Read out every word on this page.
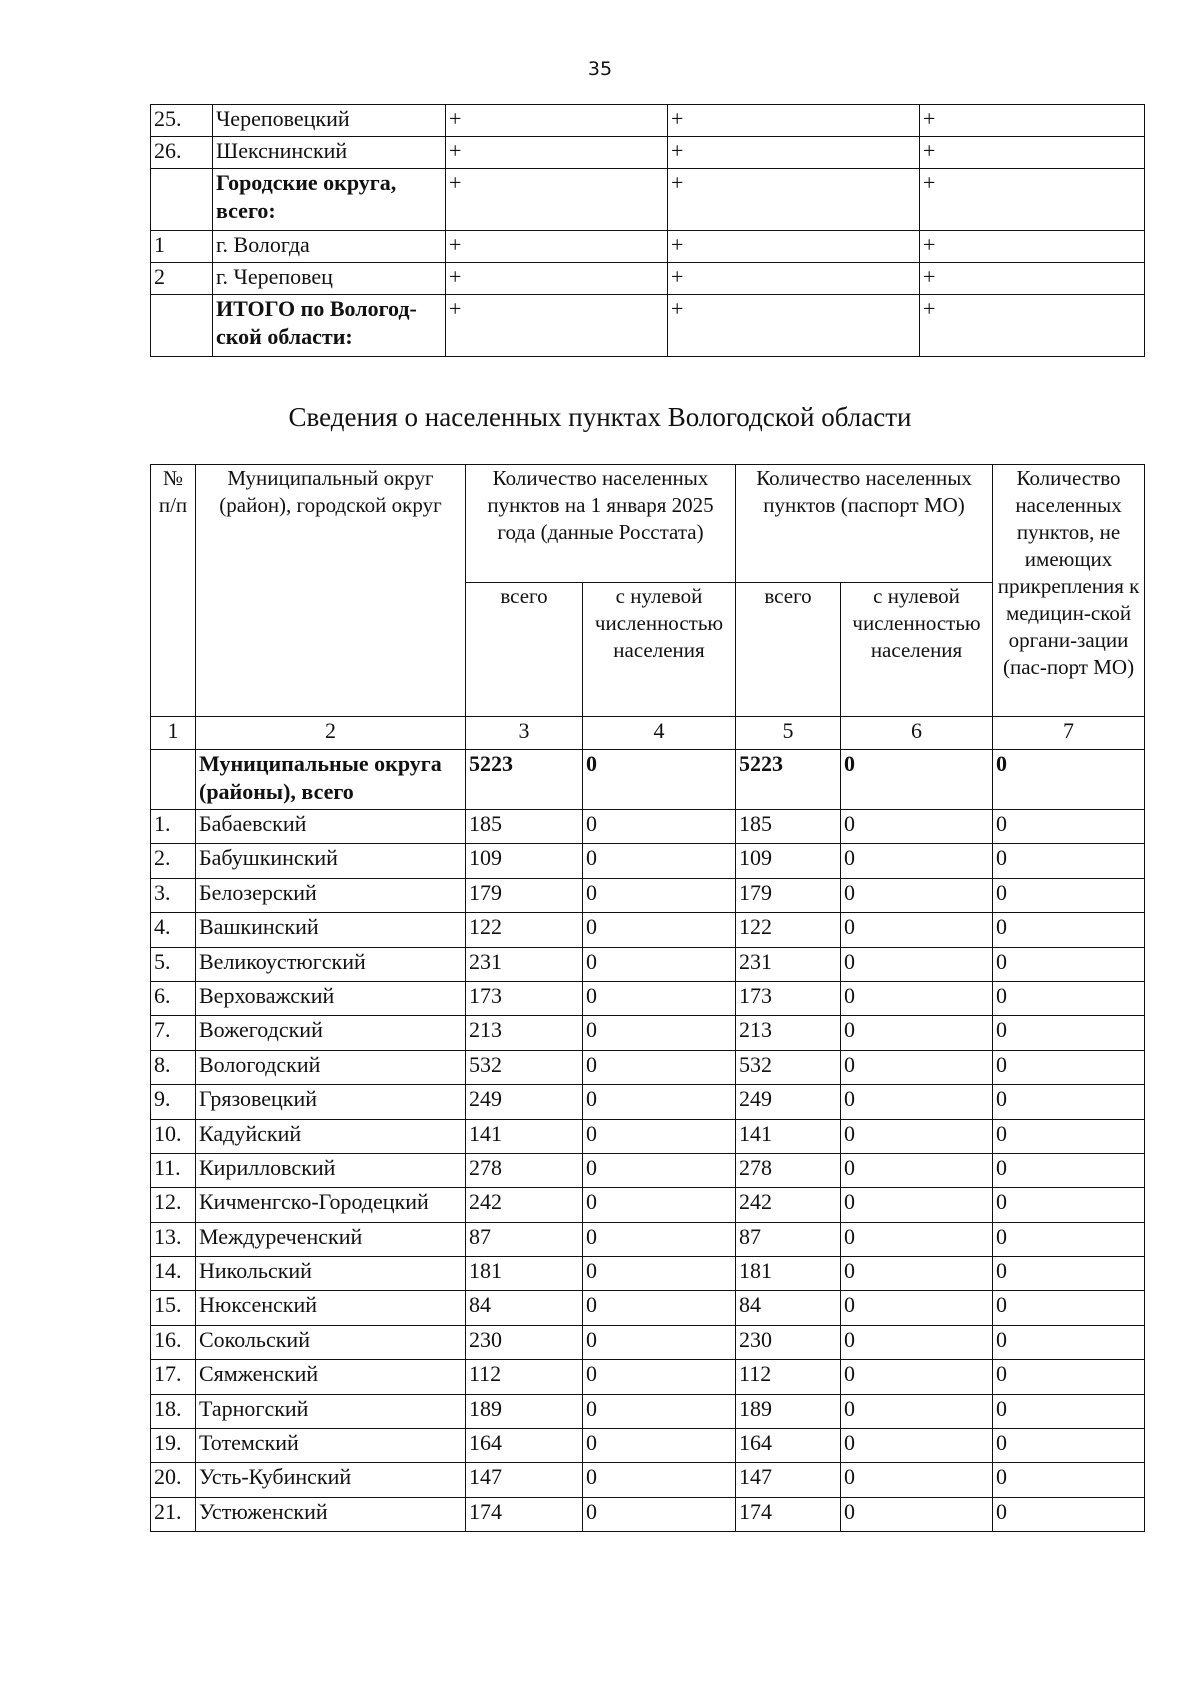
35
25.	Череповецкий	+	+	+
26.	Шекснинский	+	+	+
	Городские округа, всего:	+	+	+
1	г. Вологда	+	+	+
2	г. Череповец	+	+	+
	ИТОГО по Вологод-ской области:	+	+	+
Сведения о населенных пунктах Вологодской области
№ п/п	Муниципальный округ (район), городской округ	Количество населенных пунктов на 1 января 2025 года (данные Росстата)		Количество населенных пунктов (паспорт МО)		Количество населенных пунктов, не имеющих прикрепления к медицин-ской органи-зации (пас-порт МО)
		всего	с нулевой численностью населения	всего	с нулевой численностью населения	
1	2	3	4	5	6	7
	Муниципальные округа (районы), всего	5223	0	5223	0	0
1.	Бабаевский	185	0	185	0	0
2.	Бабушкинский	109	0	109	0	0
3.	Белозерский	179	0	179	0	0
4.	Вашкинский	122	0	122	0	0
5.	Великоустюгский	231	0	231	0	0
6.	Верховажский	173	0	173	0	0
7.	Вожегодский	213	0	213	0	0
8.	Вологодский	532	0	532	0	0
9.	Грязовецкий	249	0	249	0	0
10.	Кадуйский	141	0	141	0	0
11.	Кирилловский	278	0	278	0	0
12.	Кичменгско-Городецкий	242	0	242	0	0
13.	Междуреченский	87	0	87	0	0
14.	Никольский	181	0	181	0	0
15.	Нюксенский	84	0	84	0	0
16.	Сокольский	230	0	230	0	0
17.	Сямженский	112	0	112	0	0
18.	Тарногский	189	0	189	0	0
19.	Тотемский	164	0	164	0	0
20.	Усть-Кубинский	147	0	147	0	0
21.	Устюженский	174	0	174	0	0
